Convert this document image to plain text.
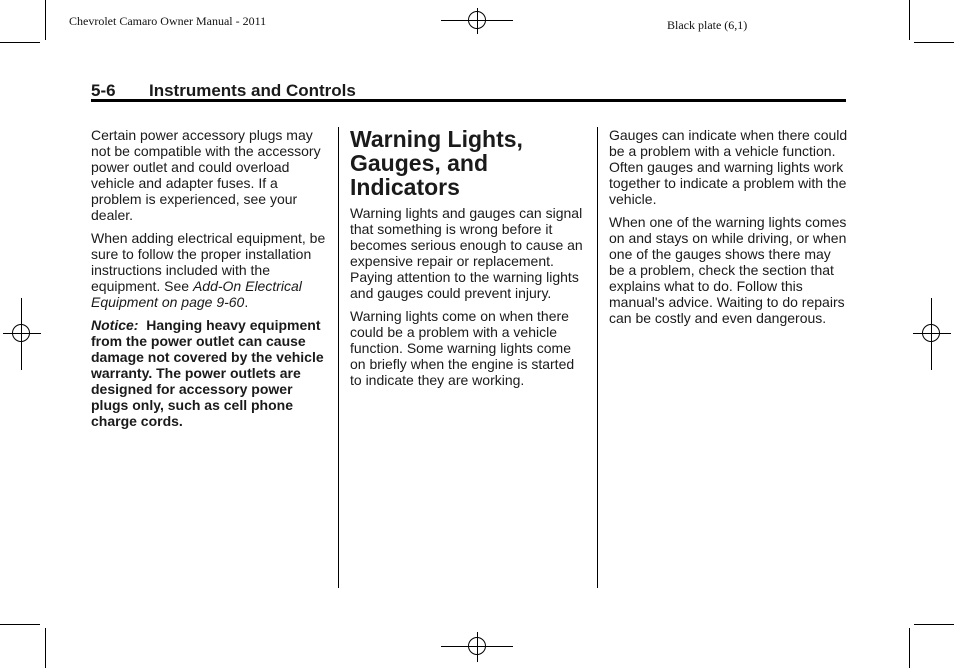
Chevrolet Camaro Owner Manual - 2011	Black plate (6,1)
5-6 Instruments and Controls

Certain power accessory plugs may not be compatible with the accessory power outlet and could overload vehicle and adapter fuses. If a problem is experienced, see your dealer.

When adding electrical equipment, be sure to follow the proper installation instructions included with the equipment. See Add-On Electrical Equipment on page 9-60.

Notice: Hanging heavy equipment from the power outlet can cause damage not covered by the vehicle warranty. The power outlets are designed for accessory power plugs only, such as cell phone charge cords.

Warning Lights, Gauges, and Indicators

Warning lights and gauges can signal that something is wrong before it becomes serious enough to cause an expensive repair or replacement. Paying attention to the warning lights and gauges could prevent injury.

Warning lights come on when there could be a problem with a vehicle function. Some warning lights come on briefly when the engine is started to indicate they are working.

Gauges can indicate when there could be a problem with a vehicle function. Often gauges and warning lights work together to indicate a problem with the vehicle.

When one of the warning lights comes on and stays on while driving, or when one of the gauges shows there may be a problem, check the section that explains what to do. Follow this manual's advice. Waiting to do repairs can be costly and even dangerous.
